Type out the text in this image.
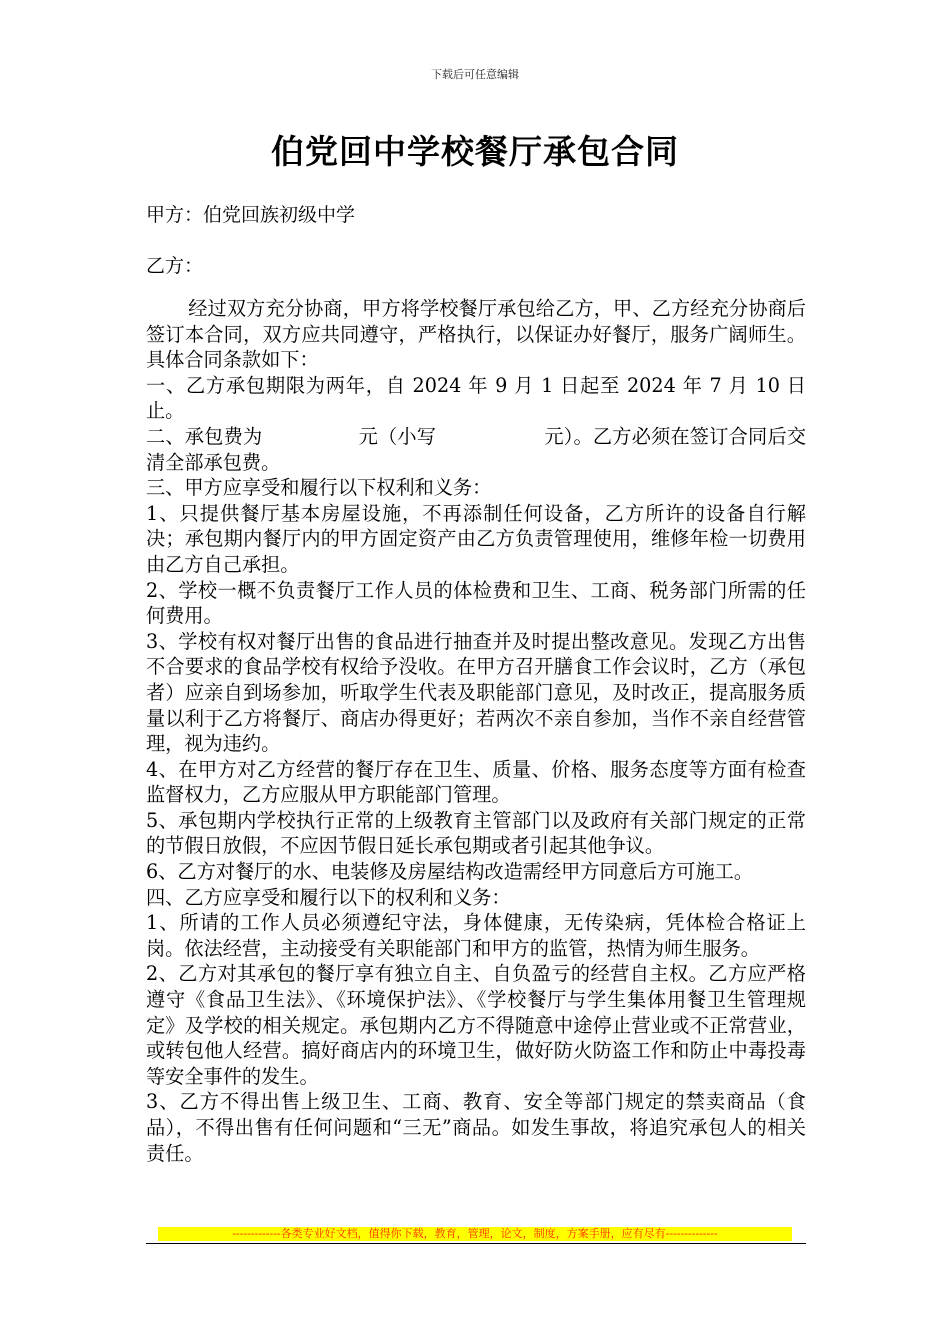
下载后可任意编辑
伯党回中学校餐厅承包合同

甲方：伯党回族初级中学

乙方：

经过双方充分协商，甲方将学校餐厅承包给乙方，甲、乙方经充分协商后签订本合同，双方应共同遵守，严格执行，以保证办好餐厅，服务广阔师生。具体合同条款如下：

一、乙方承包期限为两年，自 2024 年 9 月 1 日起至 2024 年 7 月 10 日止。

二、承包费为	元（小写	元）。乙方必须在签订合同后交清全部承包费。

三、甲方应享受和履行以下权利和义务：

1、只提供餐厅基本房屋设施，不再添制任何设备，乙方所许的设备自行解决；承包期内餐厅内的甲方固定资产由乙方负责管理使用，维修年检一切费用由乙方自己承担。

2、学校一概不负责餐厅工作人员的体检费和卫生、工商、税务部门所需的任何费用。

3、学校有权对餐厅出售的食品进行抽查并及时提出整改意见。发现乙方出售不合要求的食品学校有权给予没收。在甲方召开膳食工作会议时，乙方（承包者）应亲自到场参加，听取学生代表及职能部门意见，及时改正，提高服务质量以利于乙方将餐厅、商店办得更好；若两次不亲自参加，当作不亲自经营管理，视为违约。

4、在甲方对乙方经营的餐厅存在卫生、质量、价格、服务态度等方面有检查监督权力，乙方应服从甲方职能部门管理。

5、承包期内学校执行正常的上级教育主管部门以及政府有关部门规定的正常的节假日放假，不应因节假日延长承包期或者引起其他争议。

6、乙方对餐厅的水、电装修及房屋结构改造需经甲方同意后方可施工。

四、乙方应享受和履行以下的权利和义务：

1、所请的工作人员必须遵纪守法，身体健康，无传染病，凭体检合格证上岗。依法经营，主动接受有关职能部门和甲方的监管，热情为师生服务。

2、乙方对其承包的餐厅享有独立自主、自负盈亏的经营自主权。乙方应严格遵守《食品卫生法》、《环境保护法》、《学校餐厅与学生集体用餐卫生管理规定》及学校的相关规定。承包期内乙方不得随意中途停止营业或不正常营业，或转包他人经营。搞好商店内的环境卫生，做好防火防盗工作和防止中毒投毒等安全事件的发生。

3、乙方不得出售上级卫生、工商、教育、安全等部门规定的禁卖商品（食品），不得出售有任何问题和“三无”商品。如发生事故，将追究承包人的相关责任。

-------------各类专业好文档，值得你下载，教育，管理，论文，制度，方案手册，应有尽有--------------
